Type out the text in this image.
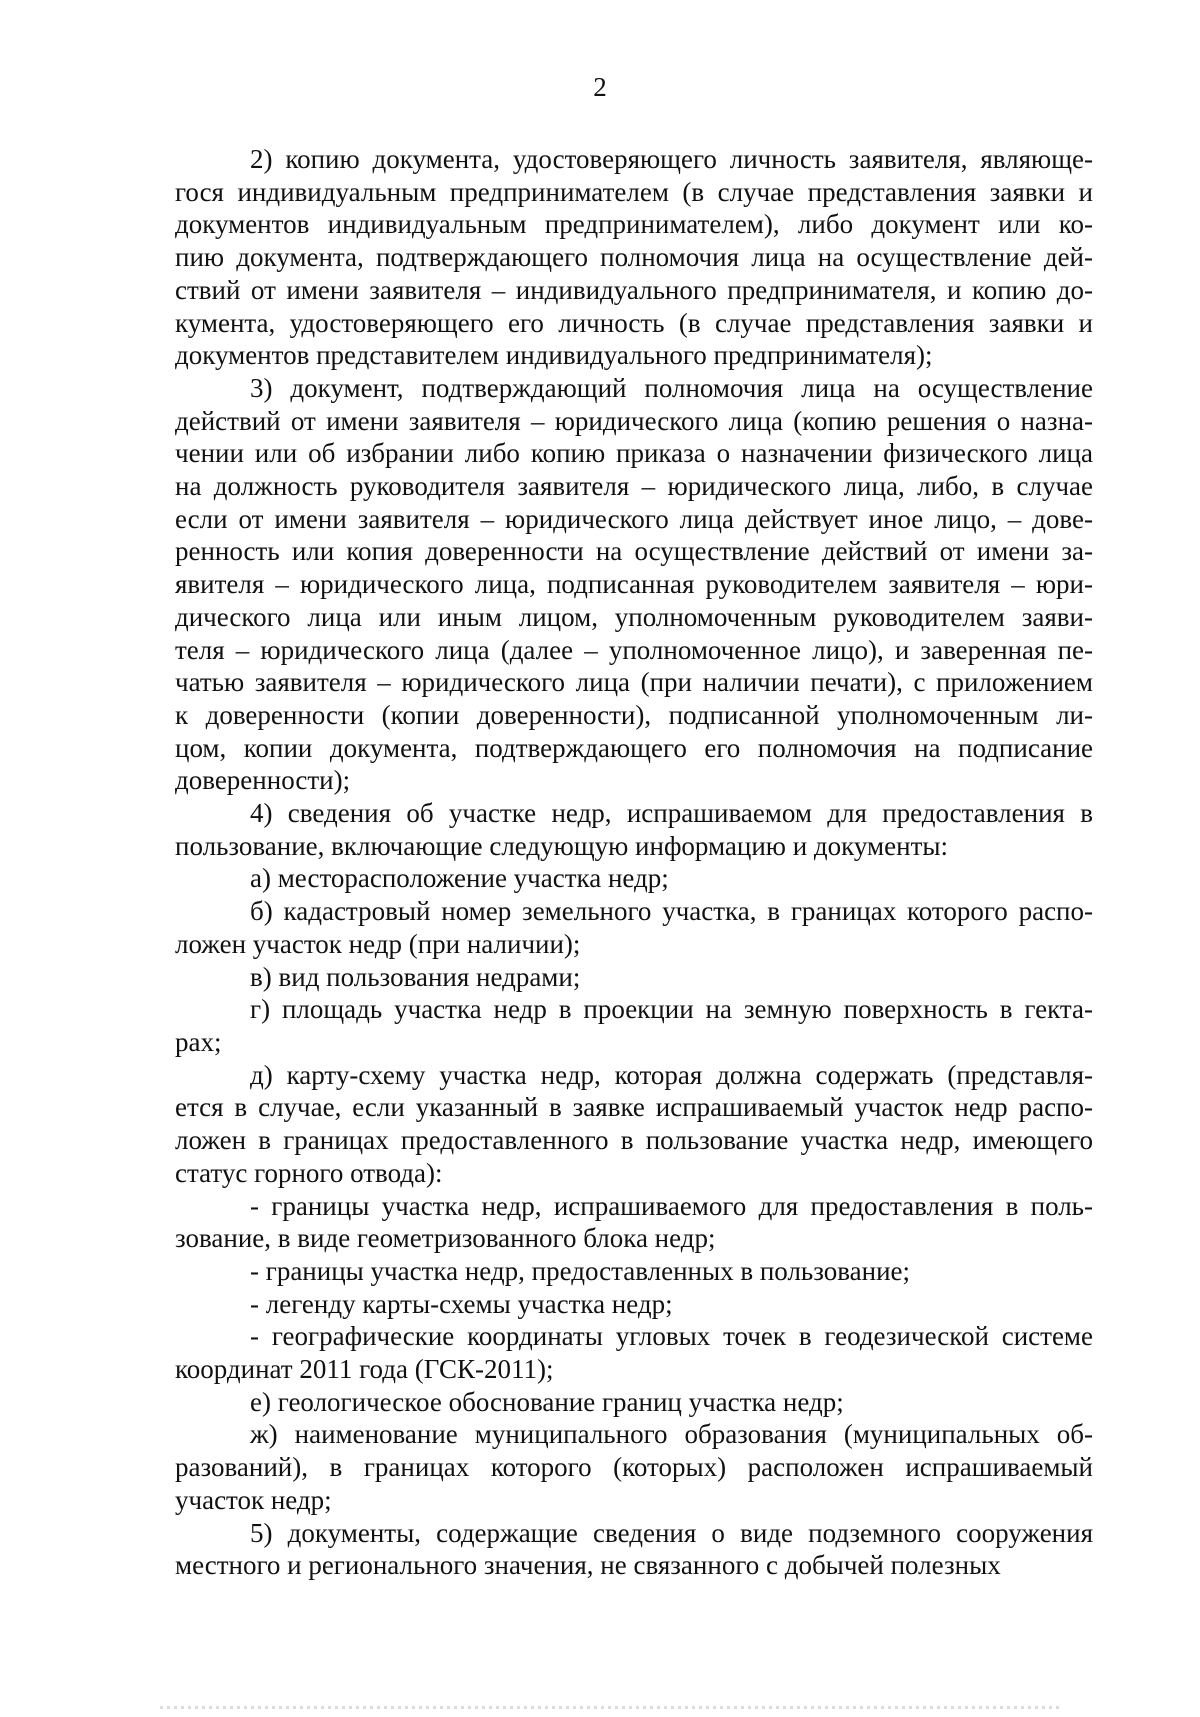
2
2) копию документа, удостоверяющего личность заявителя, являюще-
гося индивидуальным предпринимателем (в случае представления заявки и
документов индивидуальным предпринимателем), либо документ или ко-
пию документа, подтверждающего полномочия лица на осуществление дей-
ствий от имени заявителя – индивидуального предпринимателя, и копию до-
кумента, удостоверяющего его личность (в случае представления заявки и
документов представителем индивидуального предпринимателя);
3) документ, подтверждающий полномочия лица на осуществление
действий от имени заявителя – юридического лица (копию решения о назна-
чении или об избрании либо копию приказа о назначении физического лица
на должность руководителя заявителя – юридического лица, либо, в случае
если от имени заявителя – юридического лица действует иное лицо, – дове-
ренность или копия доверенности на осуществление действий от имени за-
явителя – юридического лица, подписанная руководителем заявителя – юри-
дического лица или иным лицом, уполномоченным руководителем заяви-
теля – юридического лица (далее – уполномоченное лицо), и заверенная пе-
чатью заявителя – юридического лица (при наличии печати), с приложением
к доверенности (копии доверенности), подписанной уполномоченным ли-
цом, копии документа, подтверждающего его полномочия на подписание
доверенности);
4) сведения об участке недр, испрашиваемом для предоставления в
пользование, включающие следующую информацию и документы:
а) месторасположение участка недр;
б) кадастровый номер земельного участка, в границах которого распо-
ложен участок недр (при наличии);
в) вид пользования недрами;
г) площадь участка недр в проекции на земную поверхность в гекта-
рах;
д) карту-схему участка недр, которая должна содержать (представля-
ется в случае, если указанный в заявке испрашиваемый участок недр распо-
ложен в границах предоставленного в пользование участка недр, имеющего
статус горного отвода):
- границы участка недр, испрашиваемого для предоставления в поль-
зование, в виде геометризованного блока недр;
- границы участка недр, предоставленных в пользование;
- легенду карты-схемы участка недр;
- географические координаты угловых точек в геодезической системе
координат 2011 года (ГСК-2011);
е) геологическое обоснование границ участка недр;
ж) наименование муниципального образования (муниципальных об-
разований), в границах которого (которых) расположен испрашиваемый
участок недр;
5) документы, содержащие сведения о виде подземного сооружения
местного и регионального значения, не связанного с добычей полезных
